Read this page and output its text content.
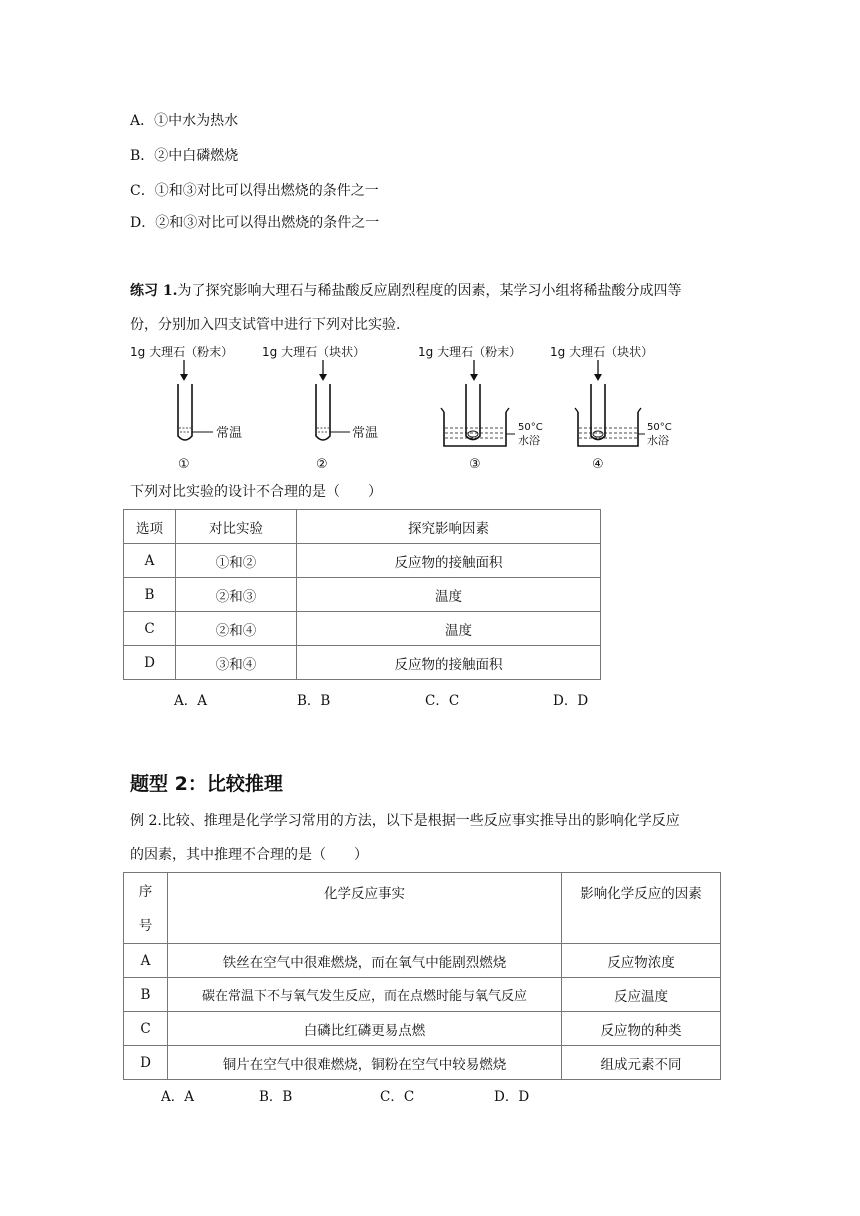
A．①中水为热水
B．②中白磷燃烧
C．①和③对比可以得出燃烧的条件之一
D．②和③对比可以得出燃烧的条件之一
练习 1.为了探究影响大理石与稀盐酸反应剧烈程度的因素，某学习小组将稀盐酸分成四等
份，分别加入四支试管中进行下列对比实验.
1g 大理石（粉末）
常温
①
1g 大理石（块状）
常温
②
1g 大理石（粉末）
50°C
水浴
③
1g 大理石（块状）
50°C
水浴
④
下列对比实验的设计不合理的是（　　）
选项	对比实验	探究影响因素
A	①和②	反应物的接触面积
B	②和③	温度
C	②和④	温度
D	③和④	反应物的接触面积
A．A	B．B	C．C	D．D
题型 2：比较推理
例 2.比较、推理是化学学习常用的方法，以下是根据一些反应事实推导出的影响化学反应
的因素，其中推理不合理的是（　　）
序
号	化学反应事实	影响化学反应的因素
A	铁丝在空气中很难燃烧，而在氧气中能剧烈燃烧	反应物浓度
B	碳在常温下不与氧气发生反应，而在点燃时能与氧气反应	反应温度
C	白磷比红磷更易点燃	反应物的种类
D	铜片在空气中很难燃烧，铜粉在空气中较易燃烧	组成元素不同
A．A	B．B	C．C	D．D
